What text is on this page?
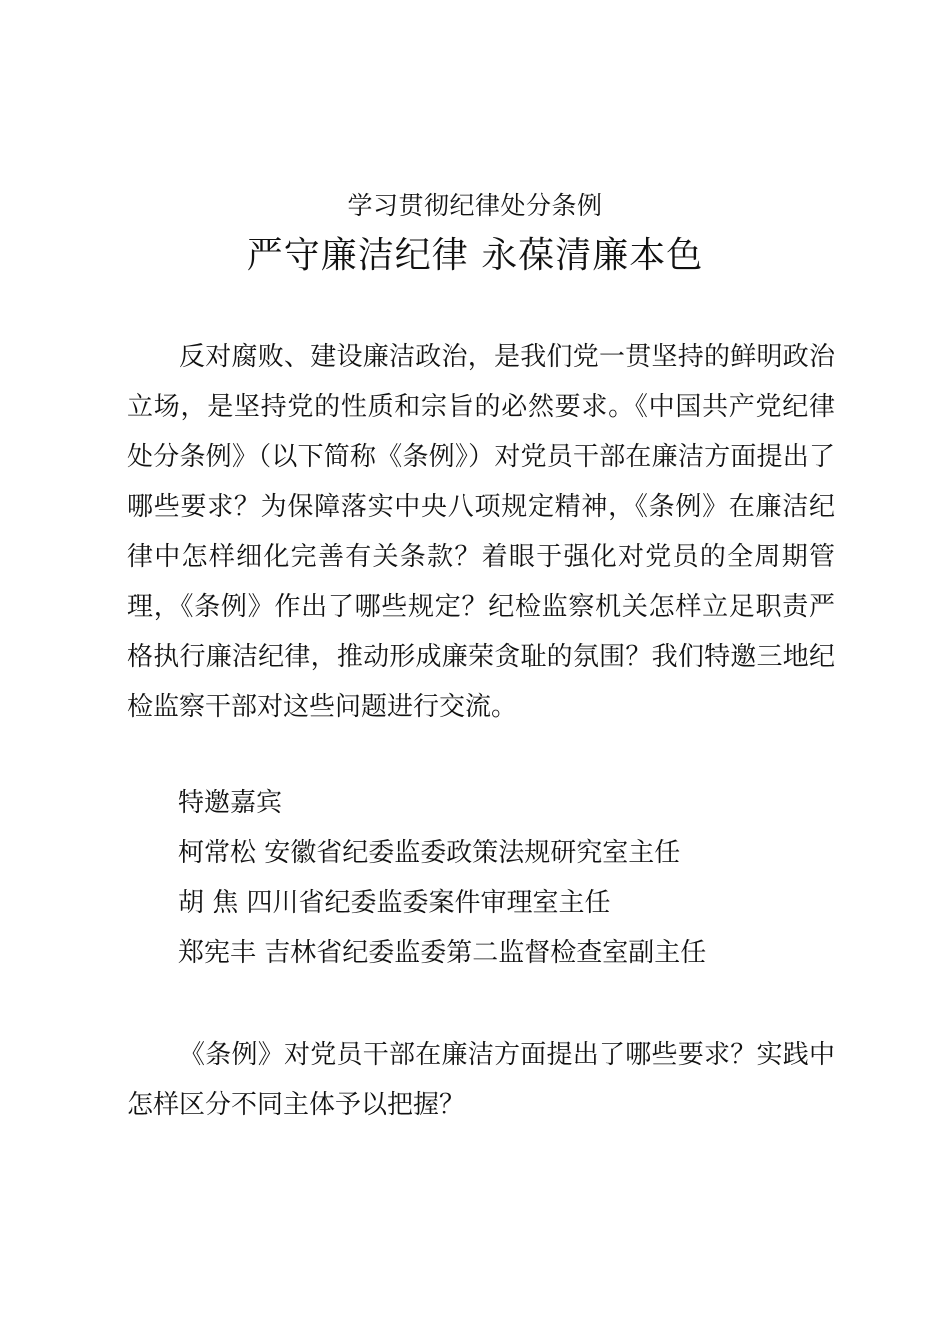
学习贯彻纪律处分条例
严守廉洁纪律 永葆清廉本色

反对腐败、建设廉洁政治，是我们党一贯坚持的鲜明政治立场，是坚持党的性质和宗旨的必然要求。《中国共产党纪律处分条例》（以下简称《条例》）对党员干部在廉洁方面提出了哪些要求？为保障落实中央八项规定精神，《条例》在廉洁纪律中怎样细化完善有关条款？着眼于强化对党员的全周期管理，《条例》作出了哪些规定？纪检监察机关怎样立足职责严格执行廉洁纪律，推动形成廉荣贪耻的氛围？我们特邀三地纪检监察干部对这些问题进行交流。

特邀嘉宾
柯常松 安徽省纪委监委政策法规研究室主任
胡 焦 四川省纪委监委案件审理室主任
郑宪丰 吉林省纪委监委第二监督检查室副主任

《条例》对党员干部在廉洁方面提出了哪些要求？实践中怎样区分不同主体予以把握？
